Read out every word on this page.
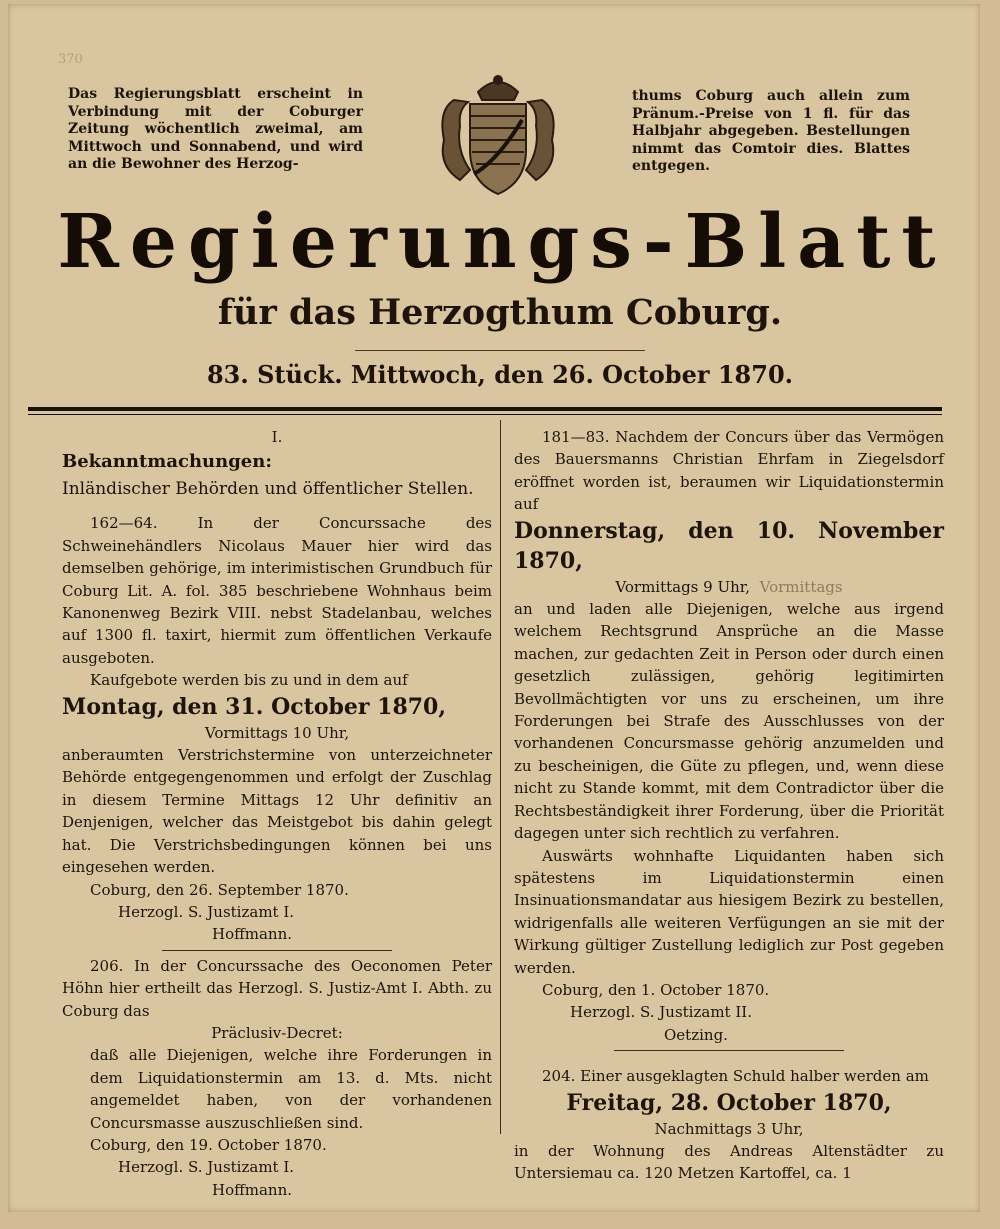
370
Das Regierungsblatt erscheint in Verbindung mit der Coburger Zeitung wöchentlich zweimal, am Mittwoch und Sonnabend, und wird an die Bewohner des Herzog-
thums Coburg auch allein zum Pränum.-Preise von 1 fl. für das Halbjahr abgegeben. Bestellungen nimmt das Comtoir dies. Blattes entgegen.
Regierungs-Blatt
für das Herzogthum Coburg.
83. Stück. Mittwoch, den 26. October 1870.

I.

Bekanntmachungen:

Inländischer Behörden und öffentlicher Stellen.

162—64. In der Concurssache des Schweinehändlers Nicolaus Mauer hier wird das demselben gehörige, im interimistischen Grundbuch für Coburg Lit. A. fol. 385 beschriebene Wohnhaus beim Kanonenweg Bezirk VIII. nebst Stadelanbau, welches auf 1300 fl. taxirt, hiermit zum öffentlichen Verkaufe ausgeboten.

Kaufgebote werden bis zu und in dem auf

Montag, den 31. October 1870,

Vormittags 10 Uhr,

anberaumten Verstrichstermine von unterzeichneter Behörde entgegengenommen und erfolgt der Zuschlag in diesem Termine Mittags 12 Uhr definitiv an Denjenigen, welcher das Meistgebot bis dahin gelegt hat. Die Verstrichsbedingungen können bei uns eingesehen werden.

Coburg, den 26. September 1870.

Herzogl. S. Justizamt I.

Hoffmann.

206. In der Concurssache des Oeconomen Peter Höhn hier ertheilt das Herzogl. S. Justiz-Amt I. Abth. zu Coburg das

Präclusiv-Decret:

daß alle Diejenigen, welche ihre Forderungen in dem Liquidationstermin am 13. d. Mts. nicht angemeldet haben, von der vorhandenen Concursmasse auszuschließen sind.

Coburg, den 19. October 1870.

Herzogl. S. Justizamt I.

Hoffmann.

181—83. Nachdem der Concurs über das Vermögen des Bauersmanns Christian Ehrfam in Ziegelsdorf eröffnet worden ist, beraumen wir Liquidationstermin auf

Donnerstag, den 10. November 1870,

Vormittags 9 Uhr, Vormittags

an und laden alle Diejenigen, welche aus irgend welchem Rechtsgrund Ansprüche an die Masse machen, zur gedachten Zeit in Person oder durch einen gesetzlich zulässigen, gehörig legitimirten Bevollmächtigten vor uns zu erscheinen, um ihre Forderungen bei Strafe des Ausschlusses von der vorhandenen Concursmasse gehörig anzumelden und zu bescheinigen, die Güte zu pflegen, und, wenn diese nicht zu Stande kommt, mit dem Contradictor über die Rechtsbeständigkeit ihrer Forderung, über die Priorität dagegen unter sich rechtlich zu verfahren.

Auswärts wohnhafte Liquidanten haben sich spätestens im Liquidationstermin einen Insinuationsmandatar aus hiesigem Bezirk zu bestellen, widrigenfalls alle weiteren Verfügungen an sie mit der Wirkung gültiger Zustellung lediglich zur Post gegeben werden.

Coburg, den 1. October 1870.

Herzogl. S. Justizamt II.

Oetzing.

204. Einer ausgeklagten Schuld halber werden am

Freitag, 28. October 1870,

Nachmittags 3 Uhr,

in der Wohnung des Andreas Altenstädter zu Untersiemau ca. 120 Metzen Kartoffel, ca. 1
